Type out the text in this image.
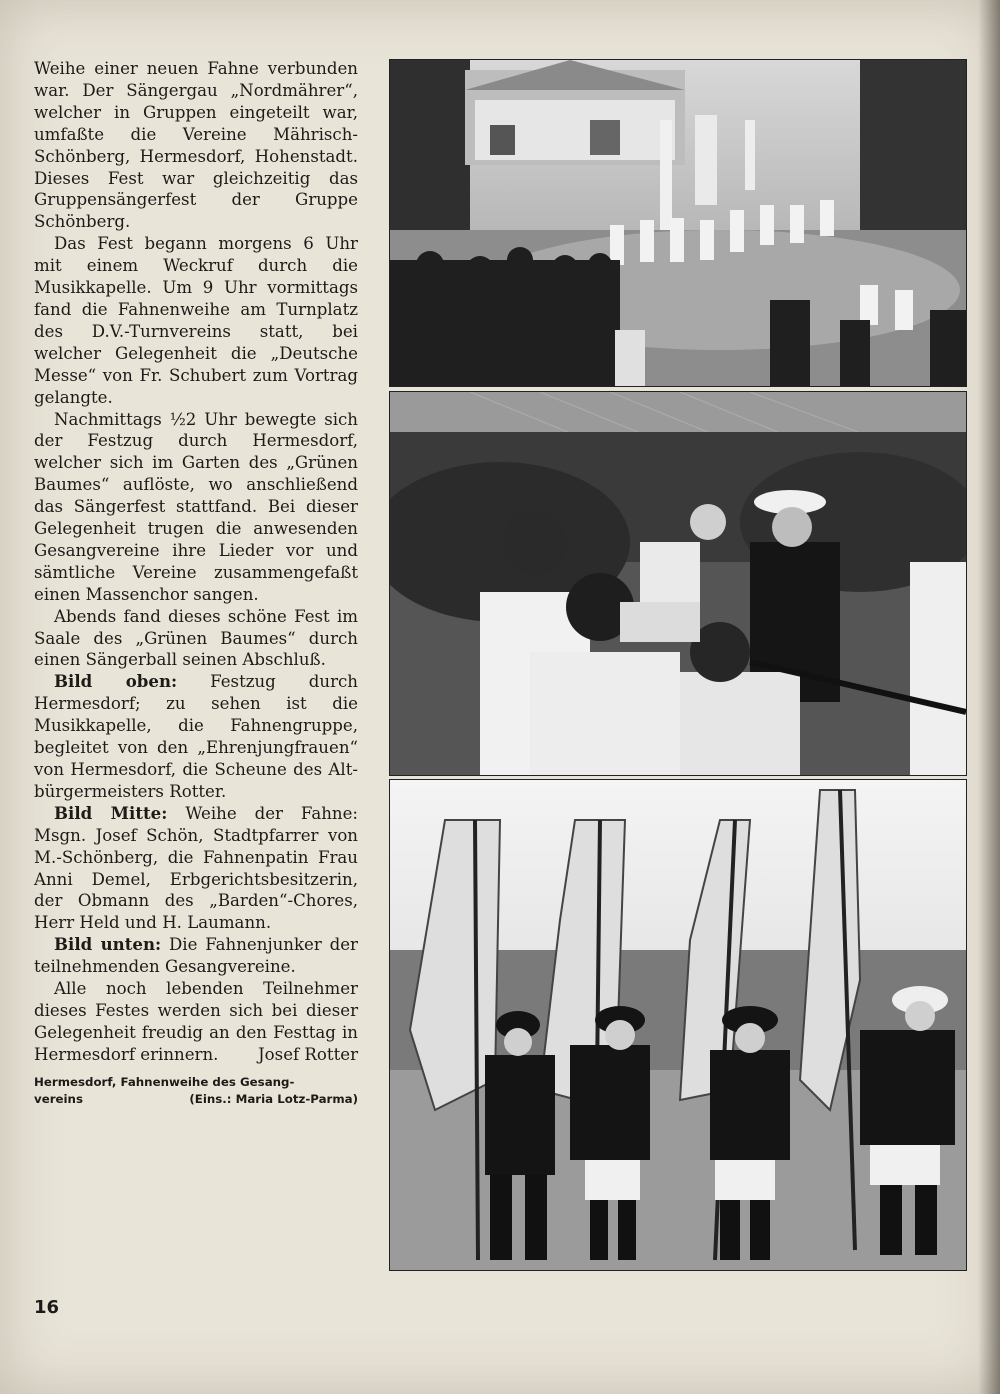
Weihe einer neuen Fahne verbunden war. Der Sängergau „Nordmährer“, welcher in Gruppen eingeteilt war, umfaßte die Vereine Mährisch-Schönberg, Hermesdorf, Hohenstadt. Dieses Fest war gleichzeitig das Gruppensängerfest der Gruppe Schönberg.

Das Fest begann morgens 6 Uhr mit einem Weckruf durch die Musikkapelle. Um 9 Uhr vormittags fand die Fahnenweihe am Turnplatz des D.V.-Turnvereins statt, bei welcher Gelegenheit die „Deutsche Messe“ von Fr. Schubert zum Vortrag gelangte.

Nachmittags ½2 Uhr bewegte sich der Festzug durch Hermesdorf, welcher sich im Garten des „Grünen Baumes“ auflöste, wo anschließend das Sängerfest stattfand. Bei dieser Gelegenheit trugen die anwesenden Gesangvereine ihre Lieder vor und sämtliche Vereine zusammengefaßt einen Massenchor sangen.

Abends fand dieses schöne Fest im Saale des „Grünen Baumes“ durch einen Sängerball seinen Abschluß.

Bild oben: Festzug durch Hermesdorf; zu sehen ist die Musikkapelle, die Fahnengruppe, begleitet von den „Ehrenjungfrauen“ von Hermesdorf, die Scheune des Altbürgermeisters Rotter.

Bild Mitte: Weihe der Fahne: Msgn. Josef Schön, Stadtpfarrer von M.-Schönberg, die Fahnenpatin Frau Anni Demel, Erbgerichtsbesitzerin, der Obmann des „Barden“-Chores, Herr Held und H. Laumann.

Bild unten: Die Fahnenjunker der teilnehmenden Gesangvereine.

Alle noch lebenden Teilnehmer dieses Festes werden sich bei dieser Gelegenheit freudig an den Festtag in Hermesdorf erinnern.	Josef Rotter

Hermesdorf, Fahnenweihe des Gesang-
vereins	(Eins.: Maria Lotz-Parma)
16
